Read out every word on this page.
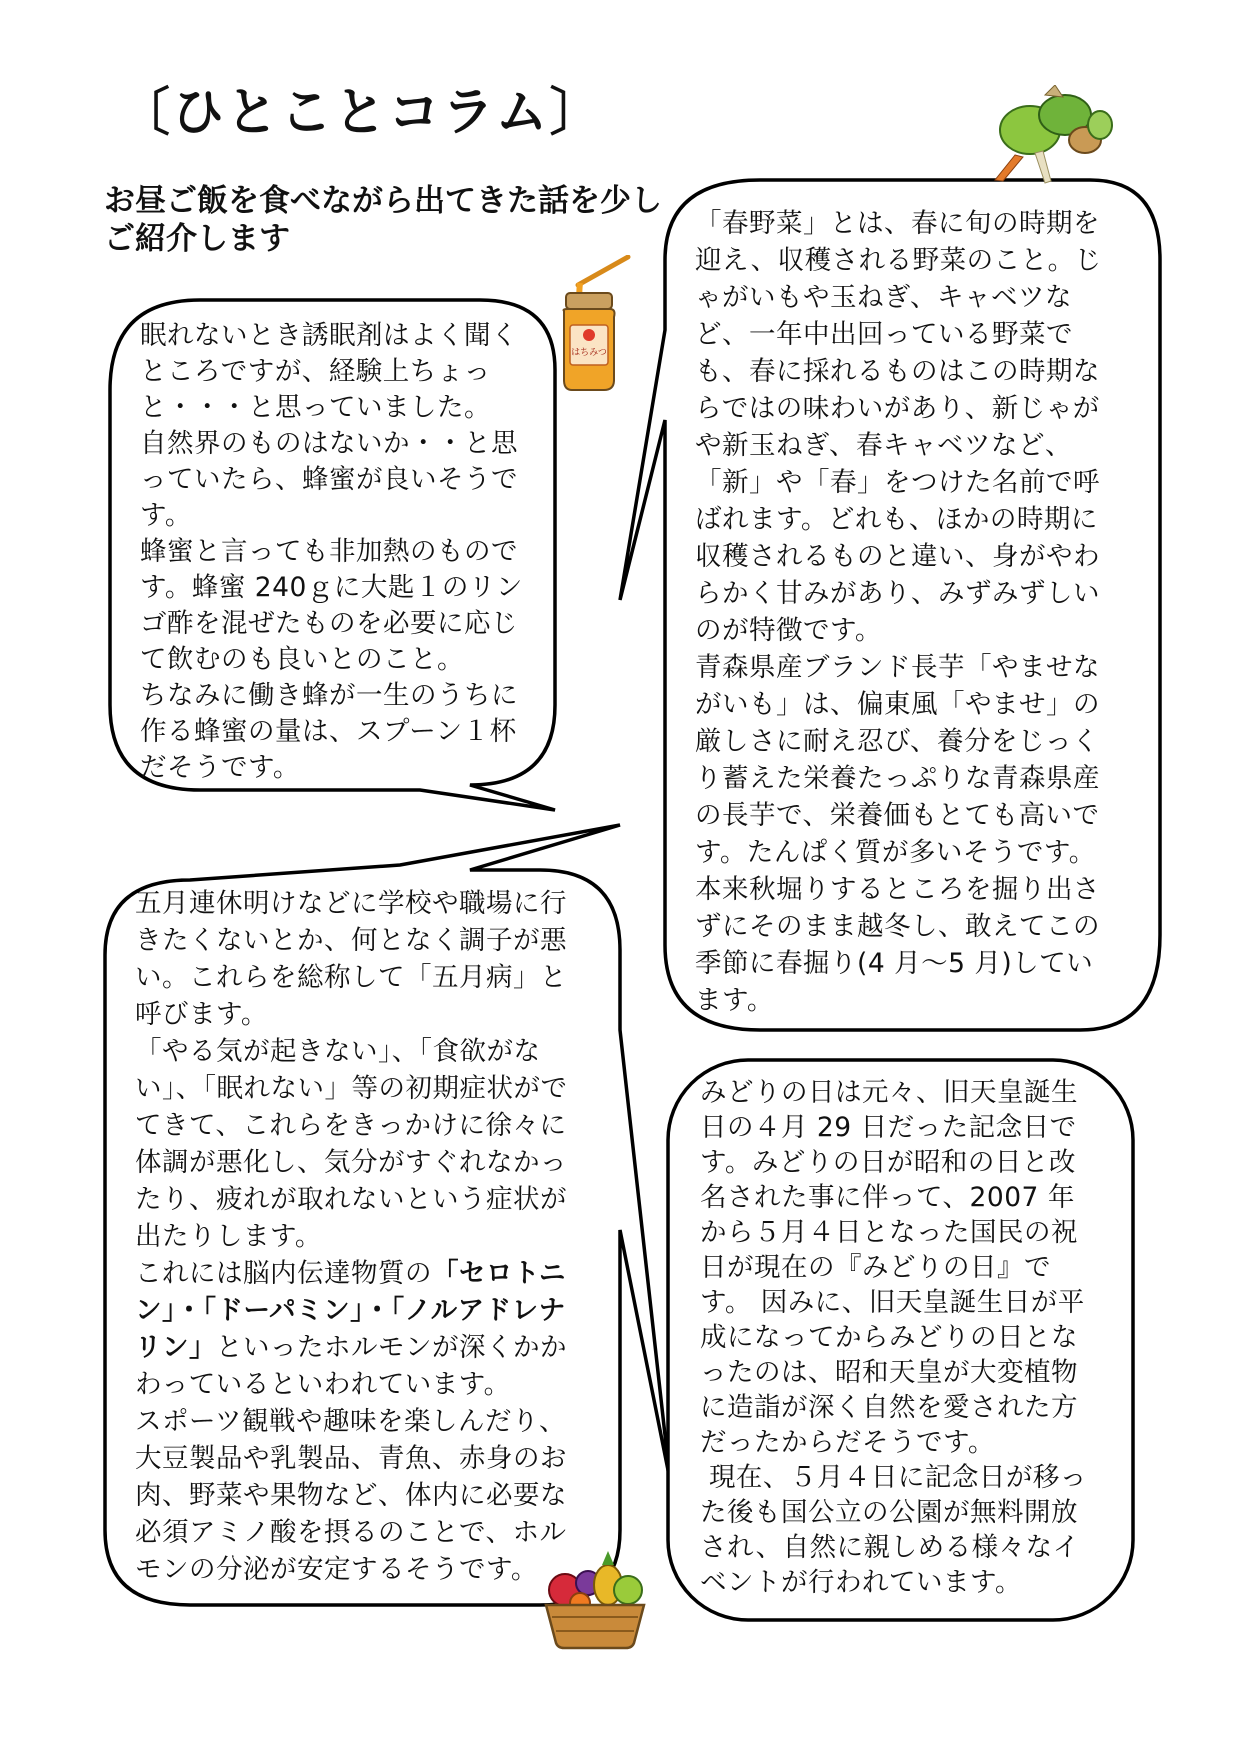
〔ひとことコラム〕
お昼ご飯を食べながら出てきた話を少しご紹介します
眠れないとき誘眠剤はよく聞く
ところですが、経験上ちょっ
と・・・と思っていました。
自然界のものはないか・・と思
っていたら、蜂蜜が良いそうで
す。
蜂蜜と言っても非加熱のもので
す。蜂蜜 240ｇに大匙１のリン
ゴ酢を混ぜたものを必要に応じ
て飲むのも良いとのこと。
ちなみに働き蜂が一生のうちに
作る蜂蜜の量は、スプーン１杯
だそうです。
「春野菜」とは、春に旬の時期を
迎え、収穫される野菜のこと。じ
ゃがいもや玉ねぎ、キャベツな
ど、一年中出回っている野菜で
も、春に採れるものはこの時期な
らではの味わいがあり、新じゃが
や新玉ねぎ、春キャベツなど、
「新」や「春」をつけた名前で呼
ばれます。どれも、ほかの時期に
収穫されるものと違い、身がやわ
らかく甘みがあり、みずみずしい
のが特徴です。
青森県産ブランド長芋「やませな
がいも」は、偏東風「やませ」の
厳しさに耐え忍び、養分をじっく
り蓄えた栄養たっぷりな青森県産
の長芋で、栄養価もとても高いで
す。たんぱく質が多いそうです。
本来秋堀りするところを掘り出さ
ずにそのまま越冬し、敢えてこの
季節に春掘り(4 月～5 月)してい
ます。
五月連休明けなどに学校や職場に行
きたくないとか、何となく調子が悪
い。これらを総称して「五月病」と
呼びます。
「やる気が起きない」、「食欲がな
い」、「眠れない」等の初期症状がで
てきて、これらをきっかけに徐々に
体調が悪化し、気分がすぐれなかっ
たり、疲れが取れないという症状が
出たりします。
これには脳内伝達物質の「セロトニ
ン」・「ドーパミン」・「ノルアドレナ
リン」といったホルモンが深くかか
わっているといわれています。
スポーツ観戦や趣味を楽しんだり、
大豆製品や乳製品、青魚、赤身のお
肉、野菜や果物など、体内に必要な
必須アミノ酸を摂るのことで、ホル
モンの分泌が安定するそうです。
みどりの日は元々、旧天皇誕生
日の４月 29 日だった記念日で
す。みどりの日が昭和の日と改
名された事に伴って、2007 年
から５月４日となった国民の祝
日が現在の『みどりの日』で
す。 因みに、旧天皇誕生日が平
成になってからみどりの日とな
ったのは、昭和天皇が大変植物
に造詣が深く自然を愛された方
だったからだそうです。
現在、５月４日に記念日が移っ
た後も国公立の公園が無料開放
され、自然に親しめる様々なイ
ベントが行われています。
はちみつ
